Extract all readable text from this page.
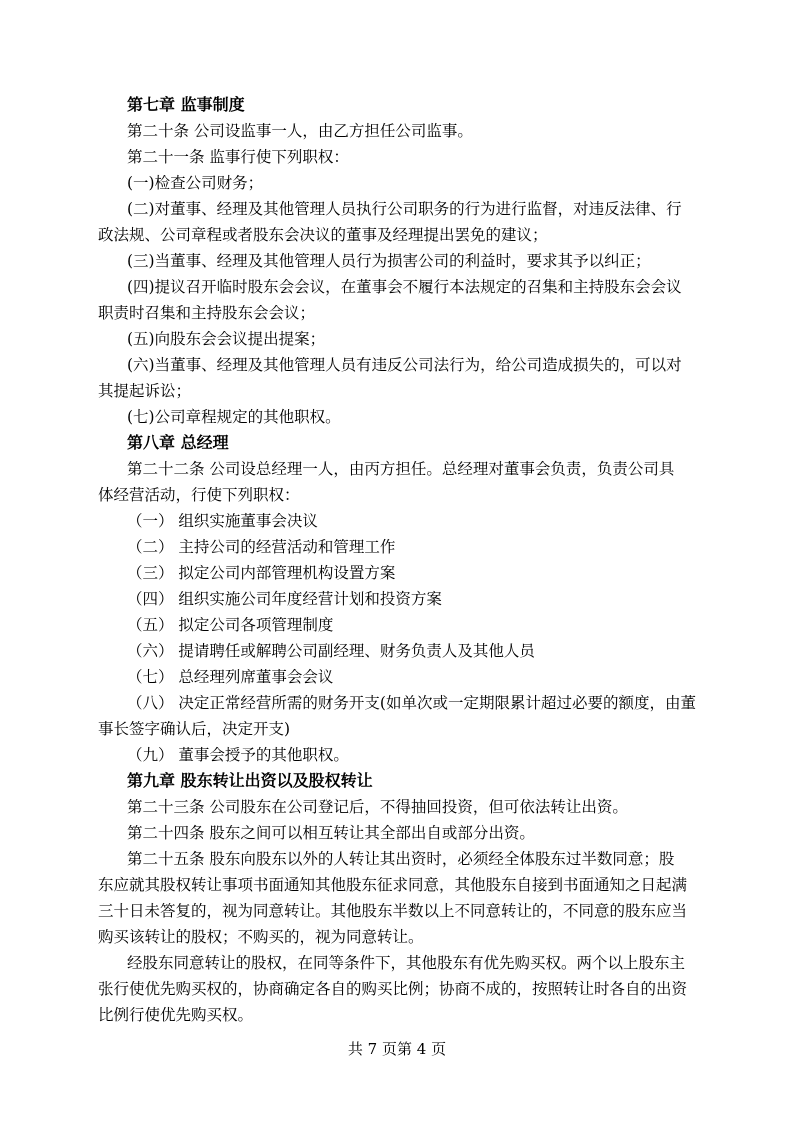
第七章 监事制度
第二十条 公司设监事一人，由乙方担任公司监事。
第二十一条 监事行使下列职权：
(一)检查公司财务；
(二)对董事、经理及其他管理人员执行公司职务的行为进行监督，对违反法律、行
政法规、公司章程或者股东会决议的董事及经理提出罢免的建议；
(三)当董事、经理及其他管理人员行为损害公司的利益时，要求其予以纠正；
(四)提议召开临时股东会会议，在董事会不履行本法规定的召集和主持股东会会议
职责时召集和主持股东会会议；
(五)向股东会会议提出提案；
(六)当董事、经理及其他管理人员有违反公司法行为，给公司造成损失的，可以对
其提起诉讼；
(七)公司章程规定的其他职权。
第八章 总经理
第二十二条 公司设总经理一人，由丙方担任。总经理对董事会负责，负责公司具
体经营活动，行使下列职权：
（一） 组织实施董事会决议
（二） 主持公司的经营活动和管理工作
（三） 拟定公司内部管理机构设置方案
（四） 组织实施公司年度经营计划和投资方案
（五） 拟定公司各项管理制度
（六） 提请聘任或解聘公司副经理、财务负责人及其他人员
（七） 总经理列席董事会会议
（八） 决定正常经营所需的财务开支(如单次或一定期限累计超过必要的额度，由董
事长签字确认后，决定开支)
（九） 董事会授予的其他职权。
第九章 股东转让出资以及股权转让
第二十三条 公司股东在公司登记后，不得抽回投资，但可依法转让出资。
第二十四条 股东之间可以相互转让其全部出自或部分出资。
第二十五条 股东向股东以外的人转让其出资时，必须经全体股东过半数同意；股
东应就其股权转让事项书面通知其他股东征求同意，其他股东自接到书面通知之日起满
三十日未答复的，视为同意转让。其他股东半数以上不同意转让的，不同意的股东应当
购买该转让的股权；不购买的，视为同意转让。
经股东同意转让的股权，在同等条件下，其他股东有优先购买权。两个以上股东主
张行使优先购买权的，协商确定各自的购买比例；协商不成的，按照转让时各自的出资
比例行使优先购买权。
共 7 页第 4 页
